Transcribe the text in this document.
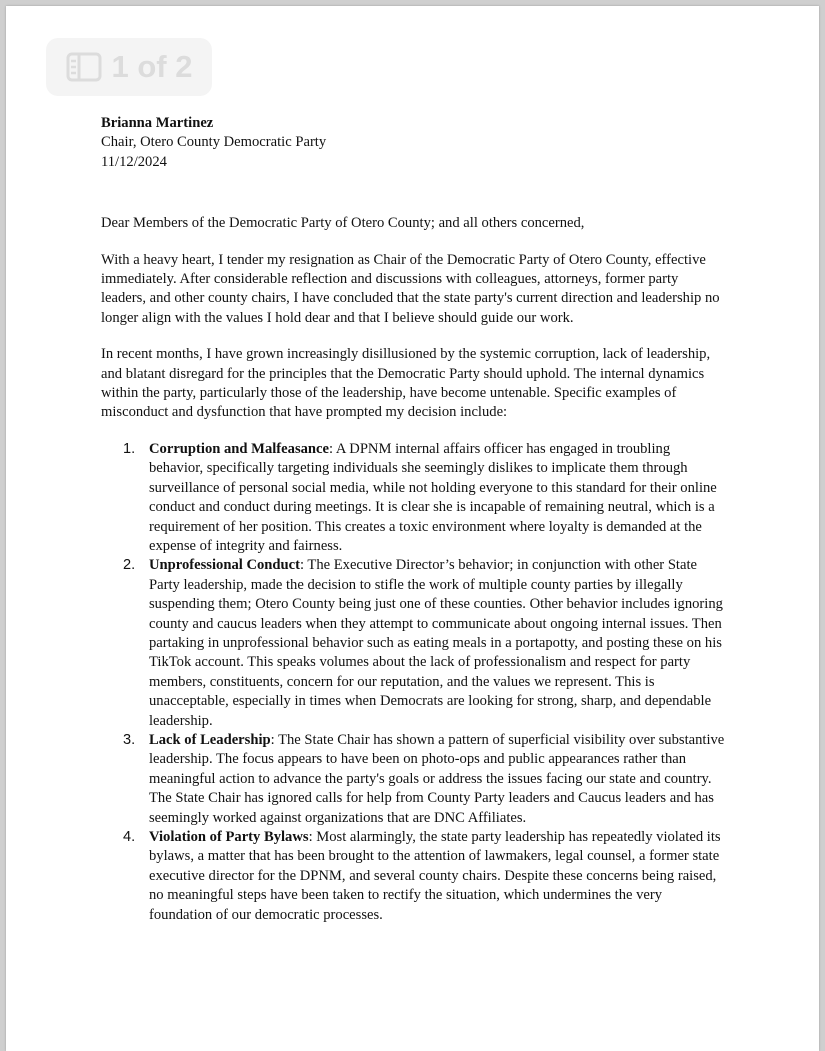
1 of 2

Brianna Martinez

Chair, Otero County Democratic Party

11/12/2024

Dear Members of the Democratic Party of Otero County; and all others concerned,

With a heavy heart, I tender my resignation as Chair of the Democratic Party of Otero County, effective immediately. After considerable reflection and discussions with colleagues, attorneys, former party leaders, and other county chairs, I have concluded that the state party's current direction and leadership no longer align with the values I hold dear and that I believe should guide our work.

In recent months, I have grown increasingly disillusioned by the systemic corruption, lack of leadership, and blatant disregard for the principles that the Democratic Party should uphold. The internal dynamics within the party, particularly those of the leadership, have become untenable. Specific examples of misconduct and dysfunction that have prompted my decision include:

1. Corruption and Malfeasance: A DPNM internal affairs officer has engaged in troubling behavior, specifically targeting individuals she seemingly dislikes to implicate them through surveillance of personal social media, while not holding everyone to this standard for their online conduct and conduct during meetings. It is clear she is incapable of remaining neutral, which is a requirement of her position. This creates a toxic environment where loyalty is demanded at the expense of integrity and fairness.
2. Unprofessional Conduct: The Executive Director’s behavior; in conjunction with other State Party leadership, made the decision to stifle the work of multiple county parties by illegally suspending them; Otero County being just one of these counties. Other behavior includes ignoring county and caucus leaders when they attempt to communicate about ongoing internal issues. Then partaking in unprofessional behavior such as eating meals in a portapotty, and posting these on his TikTok account. This speaks volumes about the lack of professionalism and respect for party members, constituents, concern for our reputation, and the values we represent. This is unacceptable, especially in times when Democrats are looking for strong, sharp, and dependable leadership.
3. Lack of Leadership: The State Chair has shown a pattern of superficial visibility over substantive leadership. The focus appears to have been on photo-ops and public appearances rather than meaningful action to advance the party's goals or address the issues facing our state and country. The State Chair has ignored calls for help from County Party leaders and Caucus leaders and has seemingly worked against organizations that are DNC Affiliates.
4. Violation of Party Bylaws: Most alarmingly, the state party leadership has repeatedly violated its bylaws, a matter that has been brought to the attention of lawmakers, legal counsel, a former state executive director for the DPNM, and several county chairs. Despite these concerns being raised, no meaningful steps have been taken to rectify the situation, which undermines the very foundation of our democratic processes.
